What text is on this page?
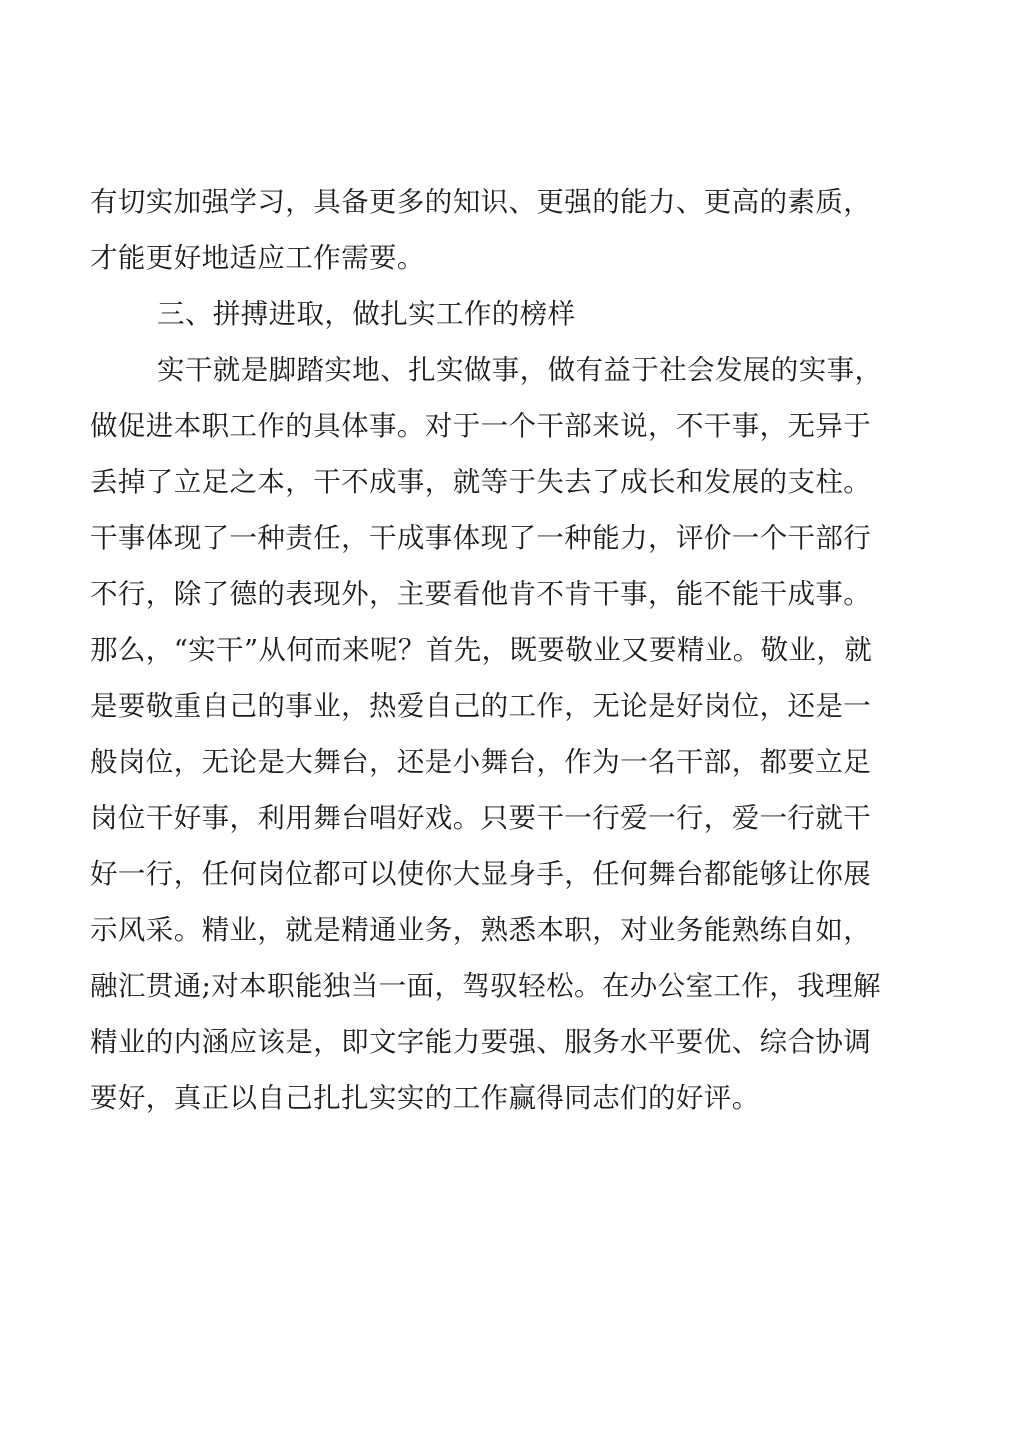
有切实加强学习，具备更多的知识、更强的能力、更高的素质，
才能更好地适应工作需要。
三、拼搏进取，做扎实工作的榜样
实干就是脚踏实地、扎实做事，做有益于社会发展的实事，
做促进本职工作的具体事。对于一个干部来说，不干事，无异于
丢掉了立足之本，干不成事，就等于失去了成长和发展的支柱。
干事体现了一种责任，干成事体现了一种能力，评价一个干部行
不行，除了德的表现外，主要看他肯不肯干事，能不能干成事。
那么，“实干”从何而来呢？首先，既要敬业又要精业。敬业，就
是要敬重自己的事业，热爱自己的工作，无论是好岗位，还是一
般岗位，无论是大舞台，还是小舞台，作为一名干部，都要立足
岗位干好事，利用舞台唱好戏。只要干一行爱一行，爱一行就干
好一行，任何岗位都可以使你大显身手，任何舞台都能够让你展
示风采。精业，就是精通业务，熟悉本职，对业务能熟练自如，
融汇贯通;对本职能独当一面，驾驭轻松。在办公室工作，我理解
精业的内涵应该是，即文字能力要强、服务水平要优、综合协调
要好，真正以自己扎扎实实的工作赢得同志们的好评。
